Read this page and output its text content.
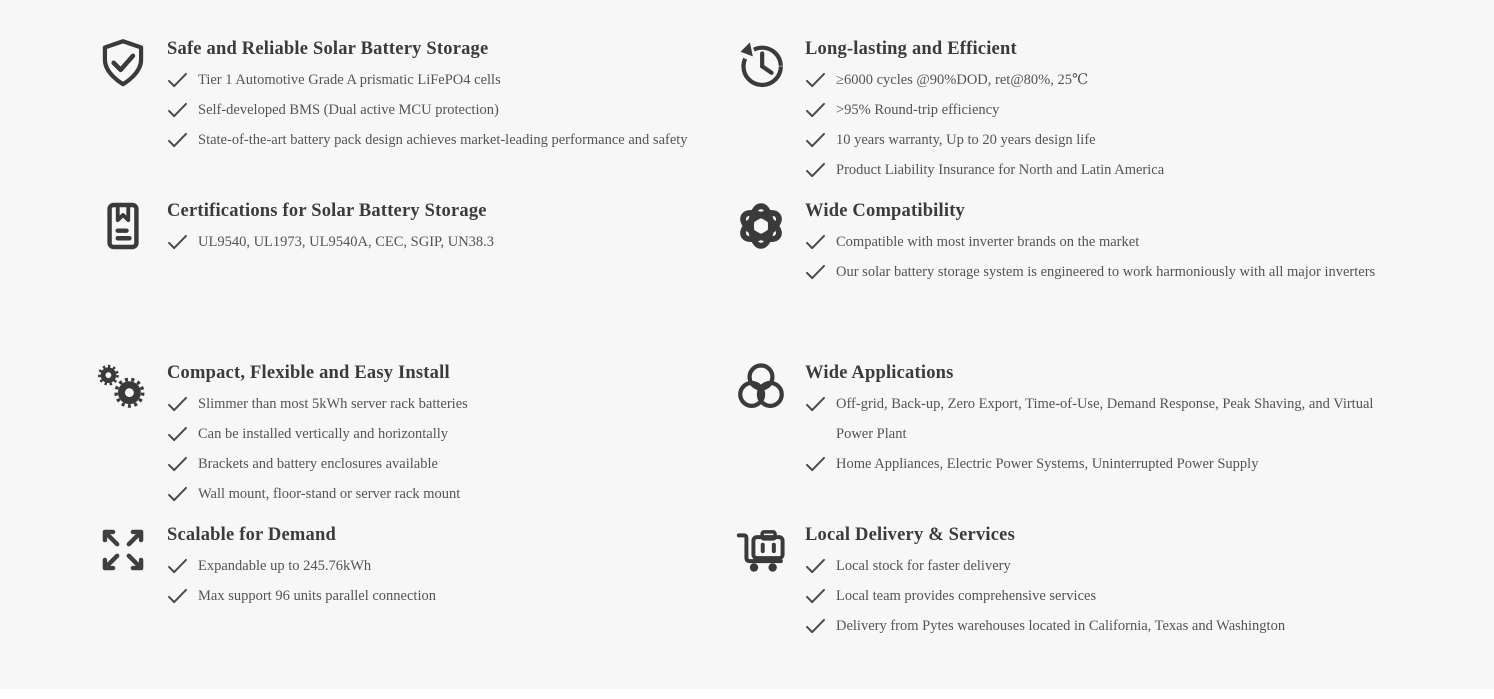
Safe and Reliable Solar Battery Storage
Tier 1 Automotive Grade A prismatic LiFePO4 cells
Self-developed BMS (Dual active MCU protection)
State-of-the-art battery pack design achieves market-leading performance and safety
Certifications for Solar Battery Storage
UL9540, UL1973, UL9540A, CEC, SGIP, UN38.3
Compact, Flexible and Easy Install
Slimmer than most 5kWh server rack batteries
Can be installed vertically and horizontally
Brackets and battery enclosures available
Wall mount, floor-stand or server rack mount
Scalable for Demand
Expandable up to 245.76kWh
Max support 96 units parallel connection
Long-lasting and Efficient
≥6000 cycles @90%DOD, ret@80%, 25℃
>95% Round-trip efficiency
10 years warranty, Up to 20 years design life
Product Liability Insurance for North and Latin America
Wide Compatibility
Compatible with most inverter brands on the market
Our solar battery storage system is engineered to work harmoniously with all major inverters
Wide Applications
Off-grid, Back-up, Zero Export, Time-of-Use, Demand Response, Peak Shaving, and Virtual Power Plant
Home Appliances, Electric Power Systems, Uninterrupted Power Supply
Local Delivery & Services
Local stock for faster delivery
Local team provides comprehensive services
Delivery from Pytes warehouses located in California, Texas and Washington
